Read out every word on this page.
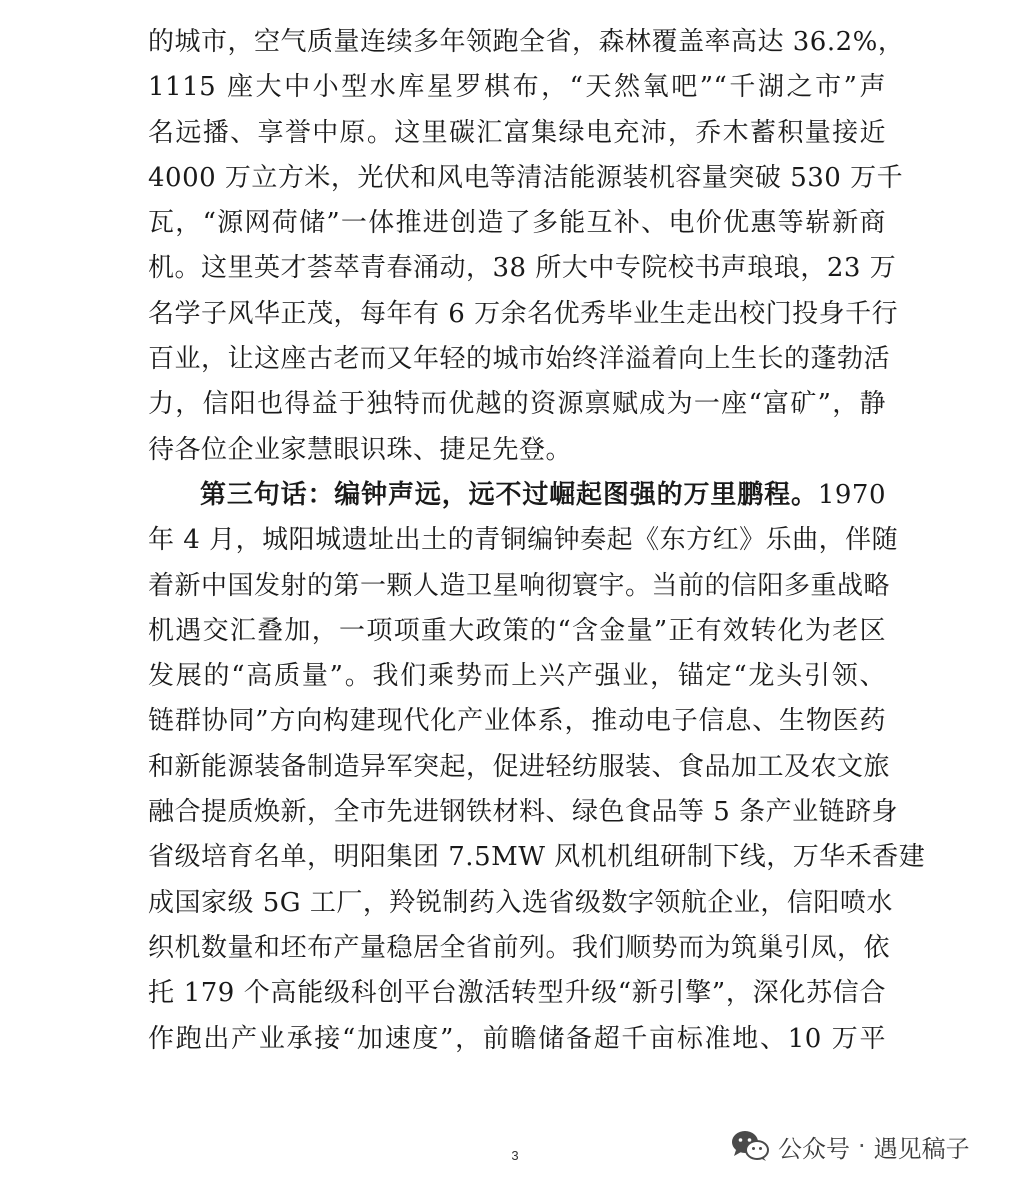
的城市，空气质量连续多年领跑全省，森林覆盖率高达 36.2%，
1115 座大中小型水库星罗棋布，“天然氧吧”“千湖之市”声
名远播、享誉中原。这里碳汇富集绿电充沛，乔木蓄积量接近
4000 万立方米，光伏和风电等清洁能源装机容量突破 530 万千
瓦，“源网荷储”一体推进创造了多能互补、电价优惠等崭新商
机。这里英才荟萃青春涌动，38 所大中专院校书声琅琅，23 万
名学子风华正茂，每年有 6 万余名优秀毕业生走出校门投身千行
百业，让这座古老而又年轻的城市始终洋溢着向上生长的蓬勃活
力，信阳也得益于独特而优越的资源禀赋成为一座“富矿”，静
待各位企业家慧眼识珠、捷足先登。
第三句话：编钟声远，远不过崛起图强的万里鹏程。1970
年 4 月，城阳城遗址出土的青铜编钟奏起《东方红》乐曲，伴随
着新中国发射的第一颗人造卫星响彻寰宇。当前的信阳多重战略
机遇交汇叠加，一项项重大政策的“含金量”正有效转化为老区
发展的“高质量”。我们乘势而上兴产强业，锚定“龙头引领、
链群协同”方向构建现代化产业体系，推动电子信息、生物医药
和新能源装备制造异军突起，促进轻纺服装、食品加工及农文旅
融合提质焕新，全市先进钢铁材料、绿色食品等 5 条产业链跻身
省级培育名单，明阳集团 7.5MW 风机机组研制下线，万华禾香建
成国家级 5G 工厂，羚锐制药入选省级数字领航企业，信阳喷水
织机数量和坯布产量稳居全省前列。我们顺势而为筑巢引凤，依
托 179 个高能级科创平台激活转型升级“新引擎”，深化苏信合
作跑出产业承接“加速度”，前瞻储备超千亩标准地、10 万平
3	公众号 · 遇见稿子
